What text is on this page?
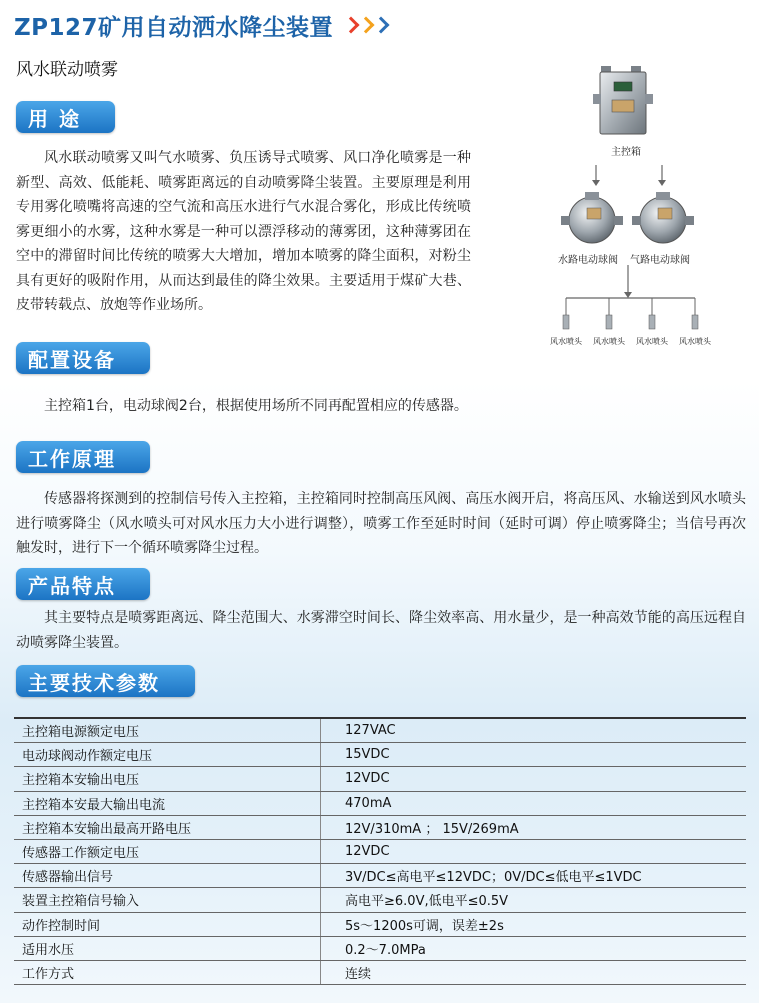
ZP127矿用自动洒水降尘装置
风水联动喷雾
用 途

风水联动喷雾又叫气水喷雾、负压诱导式喷雾、风口净化喷雾是一种新型、高效、低能耗、喷雾距离远的自动喷雾降尘装置。主要原理是利用专用雾化喷嘴将高速的空气流和高压水进行气水混合雾化，形成比传统喷雾更细小的水雾，这种水雾是一种可以漂浮移动的薄雾团，这种薄雾团在空中的滞留时间比传统的喷雾大大增加，增加本喷雾的降尘面积，对粉尘具有更好的吸附作用，从而达到最佳的降尘效果。主要适用于煤矿大巷、皮带转载点、放炮等作业场所。

主控箱
水路电动球阀 气路电动球阀
风水喷头 风水喷头 风水喷头 风水喷头
配置设备

主控箱1台，电动球阀2台，根据使用场所不同再配置相应的传感器。

工作原理

传感器将探测到的控制信号传入主控箱，主控箱同时控制高压风阀、高压水阀开启，将高压风、水输送到风水喷头进行喷雾降尘（风水喷头可对风水压力大小进行调整），喷雾工作至延时时间（延时可调）停止喷雾降尘；当信号再次触发时，进行下一个循环喷雾降尘过程。

产品特点

其主要特点是喷雾距离远、降尘范围大、水雾滞空时间长、降尘效率高、用水量少，是一种高效节能的高压远程自动喷雾降尘装置。

主要技术参数
主控箱电源额定电压	127VAC
电动球阀动作额定电压	15VDC
主控箱本安输出电压	12VDC
主控箱本安最大输出电流	470mA
主控箱本安输出最高开路电压	12V/310mA ； 15V/269mA
传感器工作额定电压	12VDC
传感器输出信号	3V/DC≤高电平≤12VDC；0V/DC≤低电平≤1VDC
装置主控箱信号输入	高电平≥6.0V,低电平≤0.5V
动作控制时间	5s～1200s可调，误差±2s
适用水压	0.2～7.0MPa
工作方式	连续
